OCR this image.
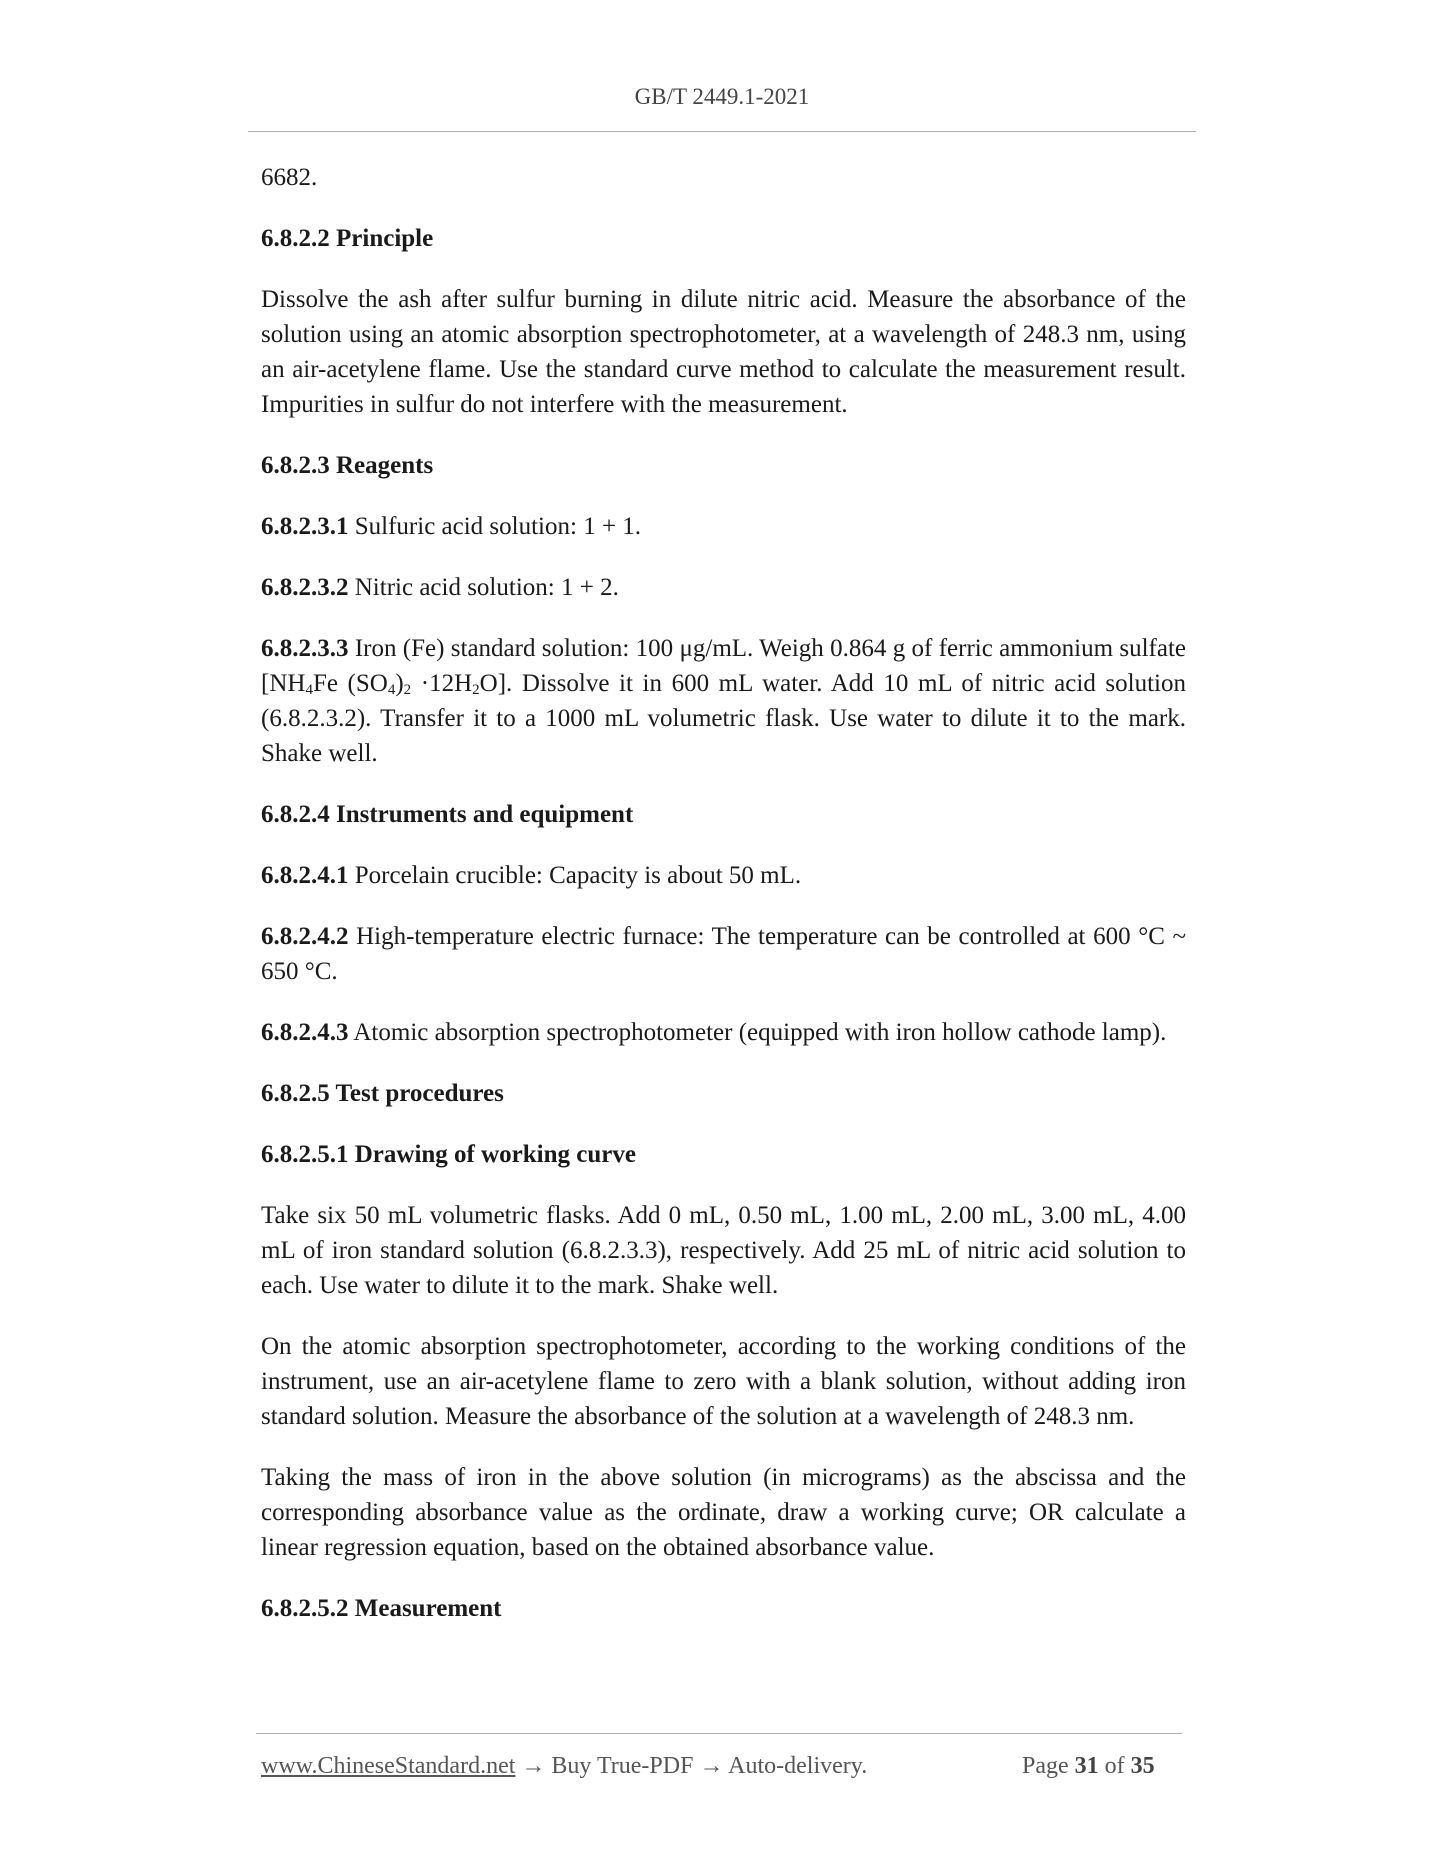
GB/T 2449.1-2021

6682.

6.8.2.2 Principle

Dissolve the ash after sulfur burning in dilute nitric acid. Measure the absorbance of the solution using an atomic absorption spectrophotometer, at a wavelength of 248.3 nm, using an air-acetylene flame. Use the standard curve method to calculate the measurement result. Impurities in sulfur do not interfere with the measurement.

6.8.2.3 Reagents

6.8.2.3.1 Sulfuric acid solution: 1 + 1.

6.8.2.3.2 Nitric acid solution: 1 + 2.

6.8.2.3.3 Iron (Fe) standard solution: 100 μg/mL. Weigh 0.864 g of ferric ammonium sulfate [$NH_4Fe$ $(SO_4)_2 \cdot 12H_2O$]. Dissolve it in 600 mL water. Add 10 mL of nitric acid solution (6.8.2.3.2). Transfer it to a 1000 mL volumetric flask. Use water to dilute it to the mark. Shake well.

6.8.2.4 Instruments and equipment

6.8.2.4.1 Porcelain crucible: Capacity is about 50 mL.

6.8.2.4.2 High-temperature electric furnace: The temperature can be controlled at 600 °C ~ 650 °C.

6.8.2.4.3 Atomic absorption spectrophotometer (equipped with iron hollow cathode lamp).

6.8.2.5 Test procedures

6.8.2.5.1 Drawing of working curve

Take six 50 mL volumetric flasks. Add 0 mL, 0.50 mL, 1.00 mL, 2.00 mL, 3.00 mL, 4.00 mL of iron standard solution (6.8.2.3.3), respectively. Add 25 mL of nitric acid solution to each. Use water to dilute it to the mark. Shake well.

On the atomic absorption spectrophotometer, according to the working conditions of the instrument, use an air-acetylene flame to zero with a blank solution, without adding iron standard solution. Measure the absorbance of the solution at a wavelength of 248.3 nm.

Taking the mass of iron in the above solution (in micrograms) as the abscissa and the corresponding absorbance value as the ordinate, draw a working curve; OR calculate a linear regression equation, based on the obtained absorbance value.

6.8.2.5.2 Measurement

www.ChineseStandard.net → Buy True-PDF → Auto-delivery.	Page 31 of 35
